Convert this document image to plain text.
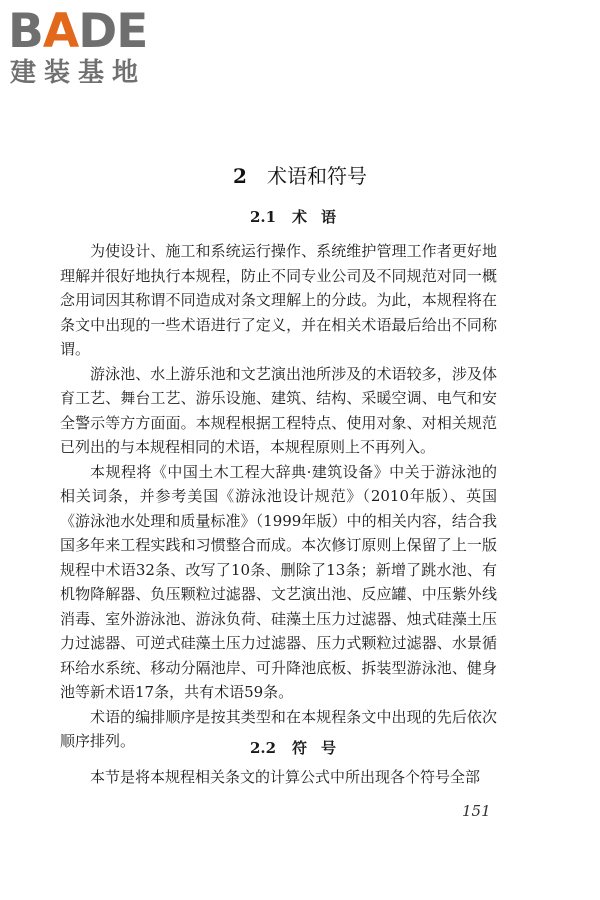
BADE
建装基地
2 术语和符号
2.1 术语

为使设计、施工和系统运行操作、系统维护管理工作者更好地理解并很好地执行本规程，防止不同专业公司及不同规范对同一概念用词因其称谓不同造成对条文理解上的分歧。为此，本规程将在条文中出现的一些术语进行了定义，并在相关术语最后给出不同称谓。

游泳池、水上游乐池和文艺演出池所涉及的术语较多，涉及体育工艺、舞台工艺、游乐设施、建筑、结构、采暖空调、电气和安全警示等方方面面。本规程根据工程特点、使用对象、对相关规范已列出的与本规程相同的术语，本规程原则上不再列入。

本规程将《中国土木工程大辞典·建筑设备》中关于游泳池的相关词条，并参考美国《游泳池设计规范》（2010年版）、英国《游泳池水处理和质量标准》（1999年版）中的相关内容，结合我国多年来工程实践和习惯整合而成。本次修订原则上保留了上一版规程中术语32条、改写了10条、删除了13条；新增了跳水池、有机物降解器、负压颗粒过滤器、文艺演出池、反应罐、中压紫外线消毒、室外游泳池、游泳负荷、硅藻土压力过滤器、烛式硅藻土压力过滤器、可逆式硅藻土压力过滤器、压力式颗粒过滤器、水景循环给水系统、移动分隔池岸、可升降池底板、拆装型游泳池、健身池等新术语17条，共有术语59条。

术语的编排顺序是按其类型和在本规程条文中出现的先后依次顺序排列。	2.2 符号

本节是将本规程相关条文的计算公式中所出现各个符号全部

151
